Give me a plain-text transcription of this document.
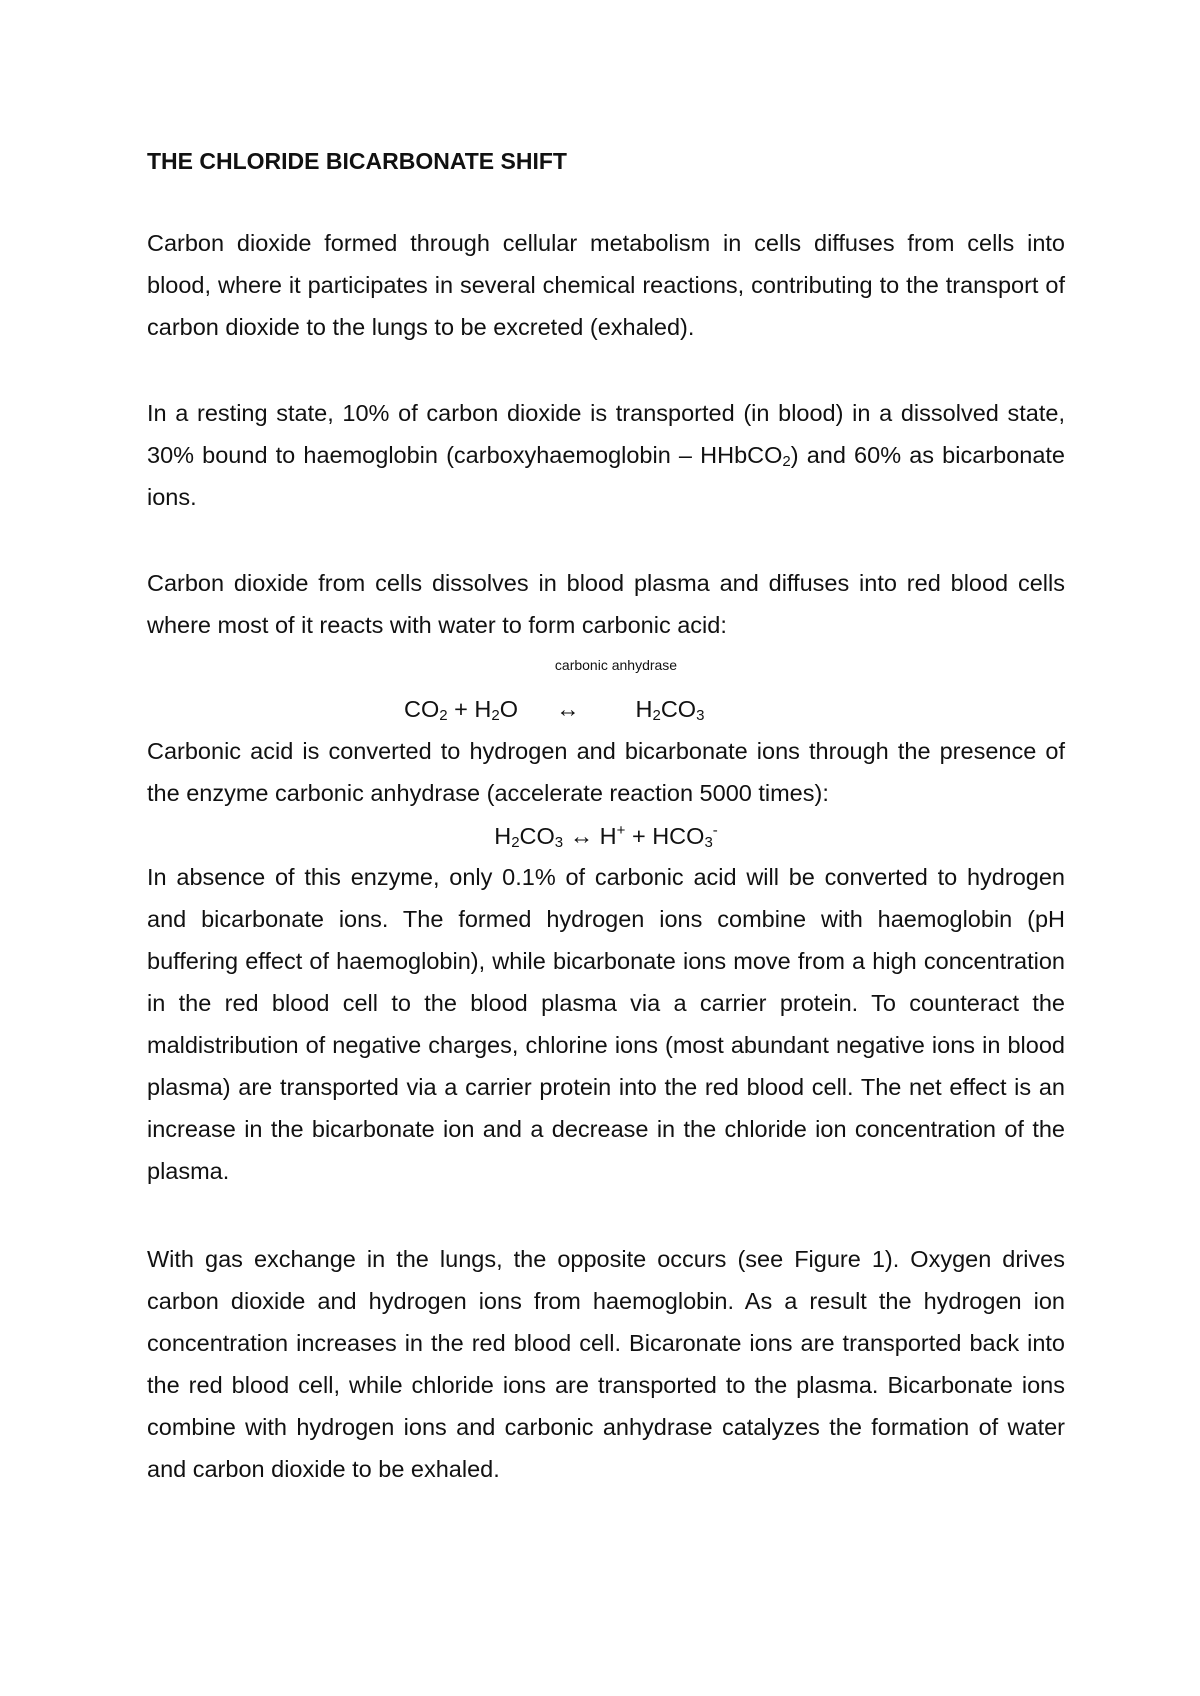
THE CHLORIDE BICARBONATE SHIFT

Carbon dioxide formed through cellular metabolism in cells diffuses from cells into blood, where it participates in several chemical reactions, contributing to the transport of carbon dioxide to the lungs to be excreted (exhaled).

In a resting state, 10% of carbon dioxide is transported (in blood) in a dissolved state, 30% bound to haemoglobin (carboxyhaemoglobin – HHbCO$_2$) and 60% as bicarbonate ions.

Carbon dioxide from cells dissolves in blood plasma and diffuses into red blood cells where most of it reacts with water to form carbonic acid:

carbonic anhydrase
$CO_2 + H_2O$ ↔ $H_2CO_3$

Carbonic acid is converted to hydrogen and bicarbonate ions through the presence of the enzyme carbonic anhydrase (accelerate reaction 5000 times):

$H_2CO_3$ ↔ $H^+ + HCO_3^-$

In absence of this enzyme, only 0.1% of carbonic acid will be converted to hydrogen and bicarbonate ions. The formed hydrogen ions combine with haemoglobin (pH buffering effect of haemoglobin), while bicarbonate ions move from a high concentration in the red blood cell to the blood plasma via a carrier protein. To counteract the maldistribution of negative charges, chlorine ions (most abundant negative ions in blood plasma) are transported via a carrier protein into the red blood cell. The net effect is an increase in the bicarbonate ion and a decrease in the chloride ion concentration of the plasma.

With gas exchange in the lungs, the opposite occurs (see Figure 1). Oxygen drives carbon dioxide and hydrogen ions from haemoglobin. As a result the hydrogen ion concentration increases in the red blood cell. Bicaronate ions are transported back into the red blood cell, while chloride ions are transported to the plasma. Bicarbonate ions combine with hydrogen ions and carbonic anhydrase catalyzes the formation of water and carbon dioxide to be exhaled.
